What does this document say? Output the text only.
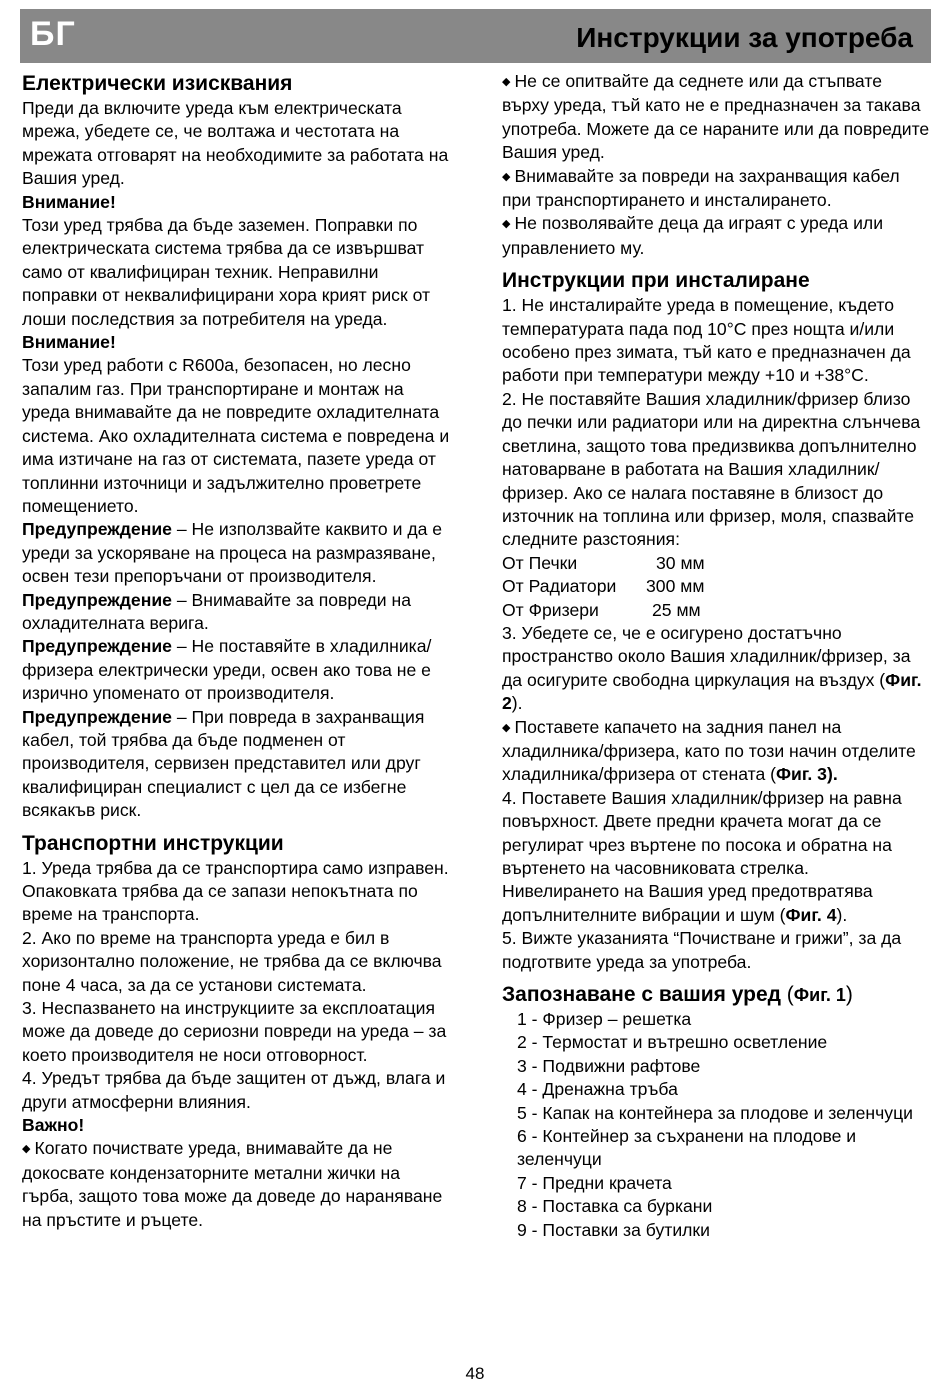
БГ	Инструкции за употреба
Електрически изисквания

Преди да включите уреда към електрическата мрежа, убедете се, че волтажа и честотата на мрежата отговарят на необходимите за работата на Вашия уред.

Внимание!

Този уред трябва да бъде заземен. Поправки по електрическата система трябва да се извършват само от квалифициран техник. Неправилни поправки от неквалифицирани хора крият риск от лоши последствия за потребителя на уреда.

Внимание!

Този уред работи с R600a, безопасен, но лесно запалим газ. При транспортиране и монтаж на уреда внимавайте да не повредите охладителната система. Ако охладителната система е повредена и има изтичане на газ от системата, пазете уреда от топлинни източници и задължително проветрете помещението.

Предупреждение – Не използвайте каквито и да е уреди за ускоряване на процеса на размразяване, освен тези препоръчани от производителя.

Предупреждение – Внимавайте за повреди на охладителната верига.

Предупреждение – Не поставяйте в хладилника/фризера електрически уреди, освен ако това не е изрично упоменато от производителя.

Предупреждение – При повреда в захранващия кабел, той трябва да бъде подменен от производителя, сервизен представител или друг квалифициран специалист с цел да се избегне всякакъв риск.

Транспортни инструкции

1. Уреда трябва да се транспортира само изправен. Опаковката трябва да се запази непокътната по време на транспорта.

2. Ако по време на транспорта уреда е бил в хоризонтално положение, не трябва да се включва поне 4 часа, за да се установи системата.

3. Неспазването на инструкциите за експлоатация може да доведе до сериозни повреди на уреда – за което производителя не носи отговорност.

4. Уредът трябва да бъде защитен от дъжд, влага и други атмосферни влияния.

Важно!

◆ Когато почиствате уреда, внимавайте да не докосвате кондензаторните метални жички на гърба, защото това може да доведе до нараняване на пръстите и ръцете.

◆ Не се опитвайте да седнете или да стъпвате върху уреда, тъй като не е предназначен за такава употреба. Можете да се нараните или да повредите Вашия уред.

◆ Внимавайте за повреди на захранващия кабел при транспортирането и инсталирането.

◆ Не позволявайте деца да играят с уреда или управлението му.

Инструкции при инсталиране

1. Не инсталирайте уреда в помещение, където температурата пада под 10°С през нощта и/или особено през зимата, тъй като е предназначен да работи при температури между +10 и +38°С.

2. Не поставяйте Вашия хладилник/фризер близо до печки или радиатори или на директна слънчева светлина, защото това предизвиква допълнително натоварване в работата на Вашия хладилник/фризер. Ако се налага поставяне в близост до източник на топлина или фризер, моля, спазвайте следните разстояния:

От Печки	30 мм
От Радиатори	300 мм
От Фризери	25 мм

3. Убедете се, че е осигурено достатъчно пространство около Вашия хладилник/фризер, за да осигурите свободна циркулация на въздух (Фиг. 2).

◆ Поставете капачето на задния панел на хладилника/фризера, като по този начин отделите хладилника/фризера от стената (Фиг. 3).

4. Поставете Вашия хладилник/фризер на равна повърхност. Двете предни крачета могат да се регулират чрез въртене по посока и обратна на въртенето на часовниковата стрелка. Нивелирането на Вашия уред предотвратява допълнителните вибрации и шум (Фиг. 4).

5. Вижте указанията “Почистване и грижи”, за да подготвите уреда за употреба.

Запознаване с вашия уред (Фиг. 1)

1 - Фризер – решетка

2 - Термостат и вътрешно осветление

3 - Подвижни рафтове

4 - Дренажна тръба

5 - Капак на контейнера за плодове и зеленчуци

6 - Контейнер за съхранени на плодове и зеленчуци

7 - Предни крачета

8 - Поставка са буркани

9 - Поставки за бутилки

48
